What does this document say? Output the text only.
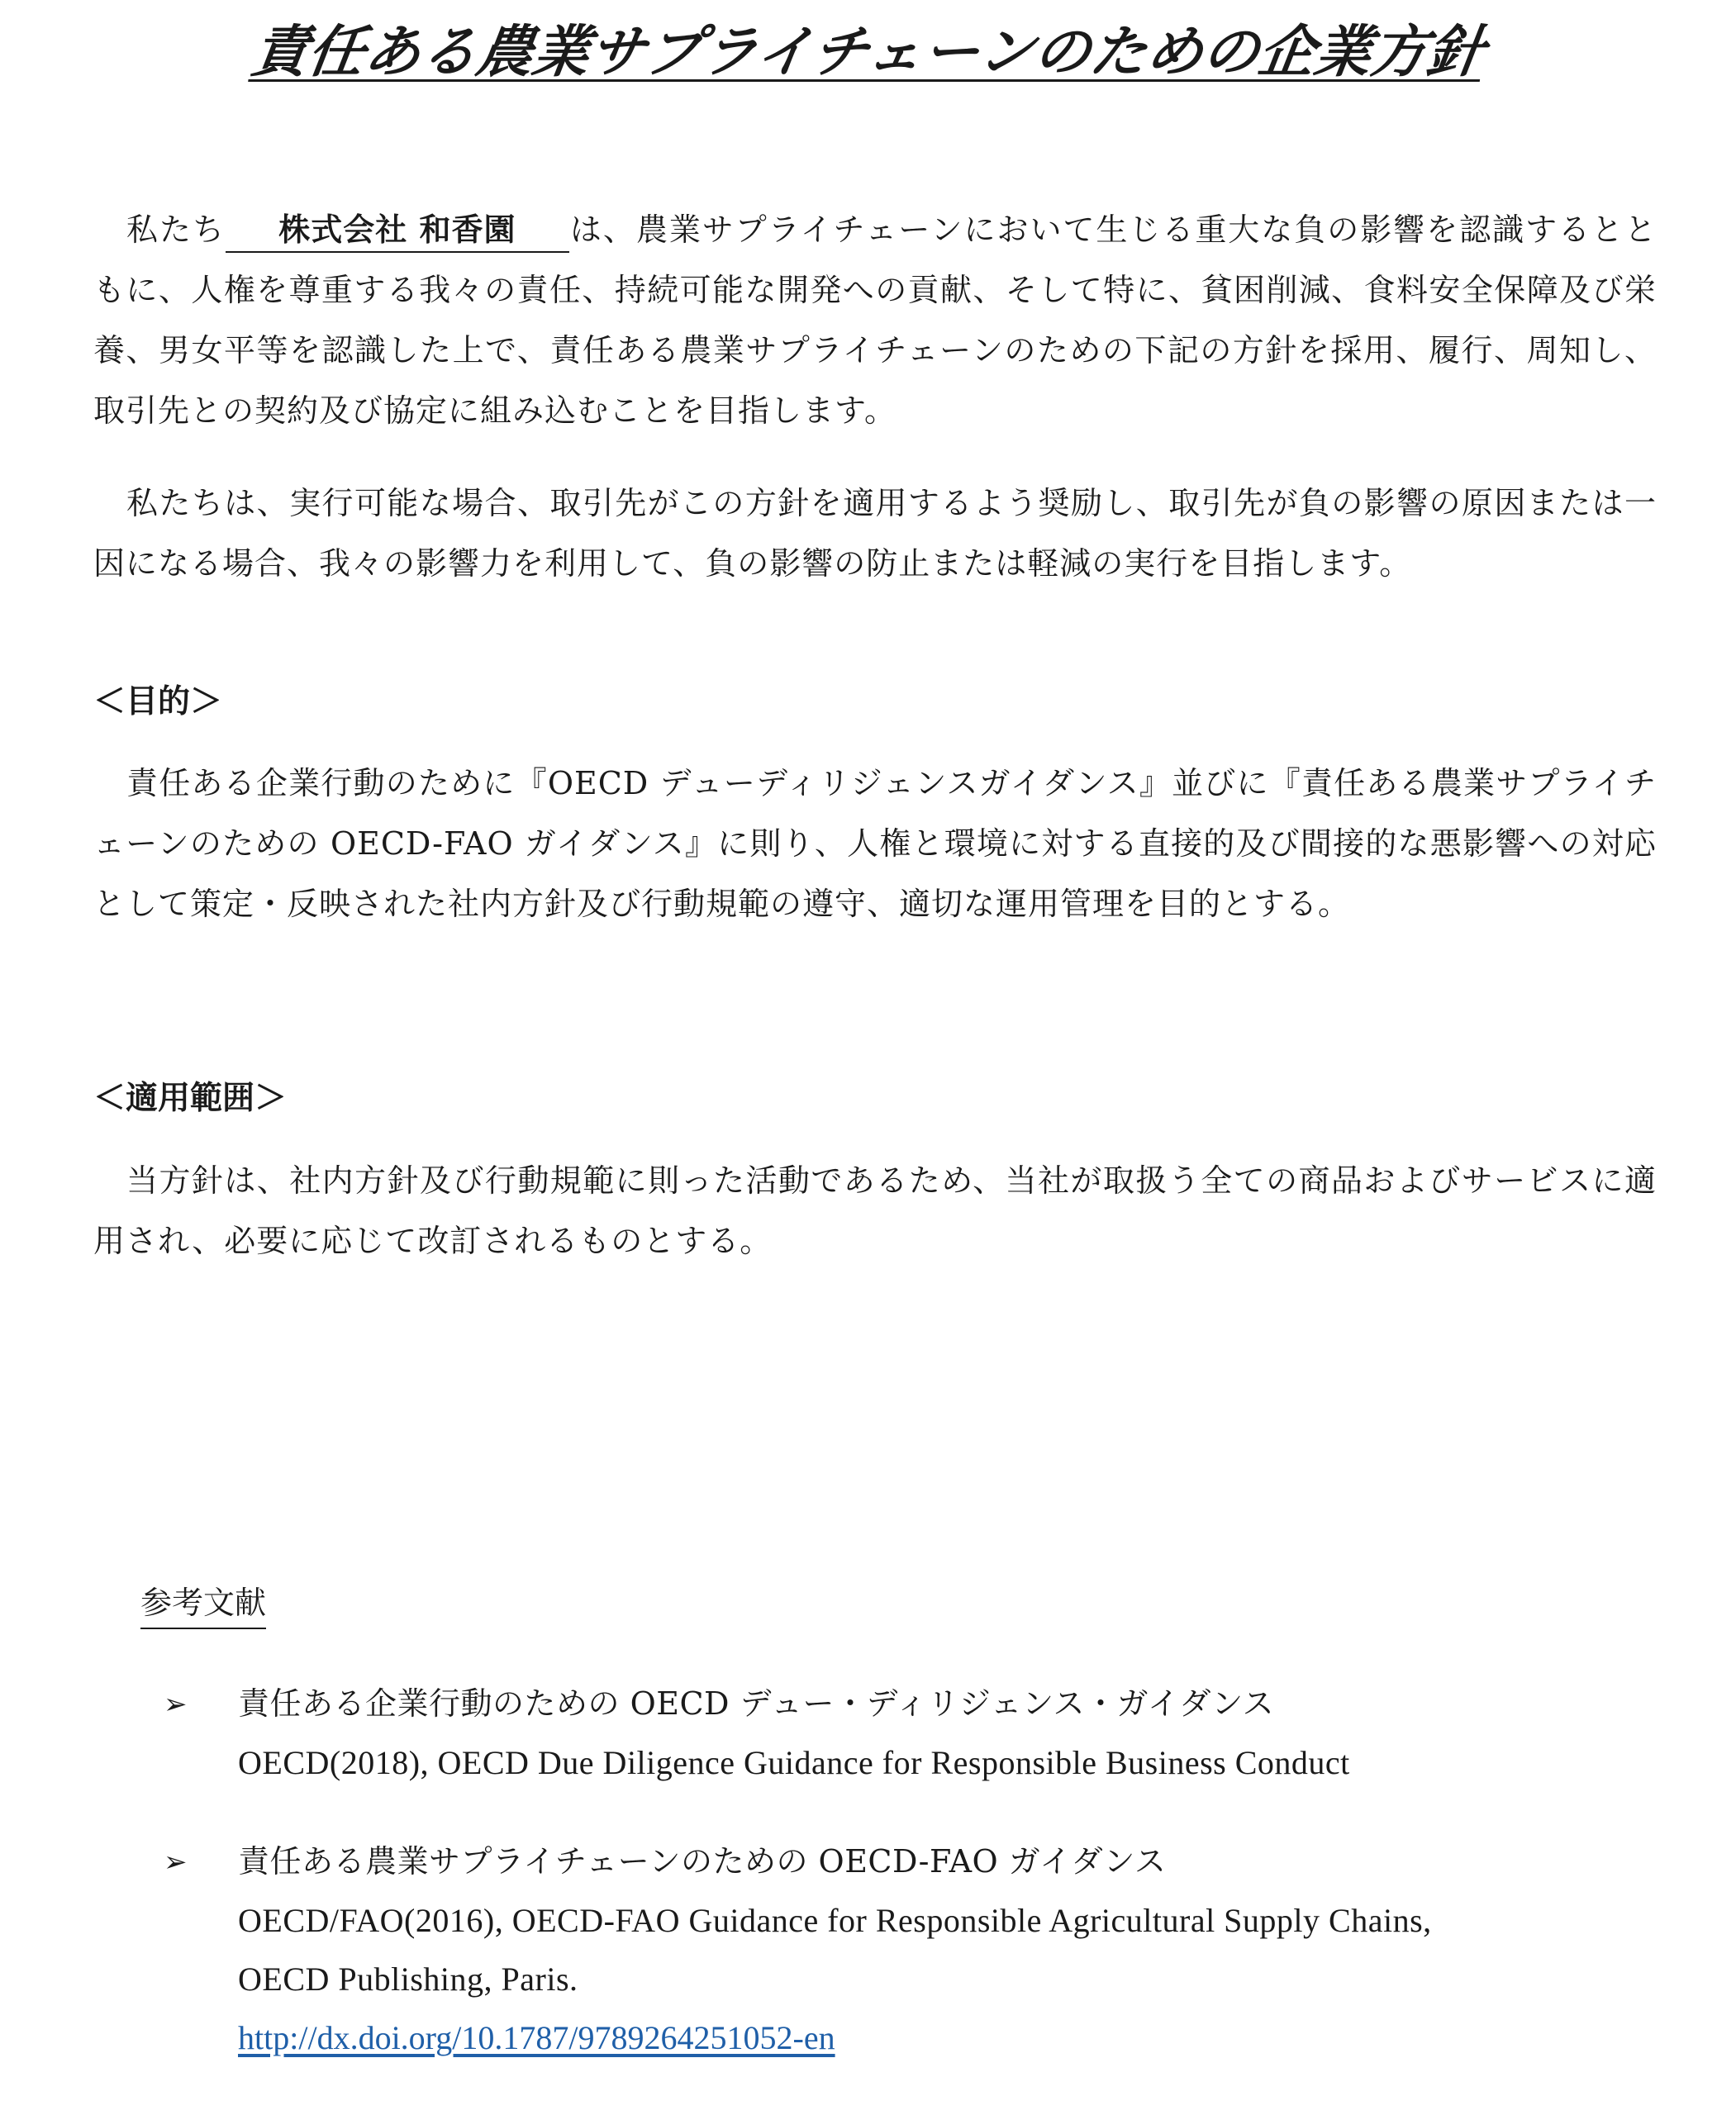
責任ある農業サプライチェーンのための企業方針

私たち 株式会社 和香園 は、農業サプライチェーンにおいて生じる重大な負の影響を認識するとともに、人権を尊重する我々の責任、持続可能な開発への貢献、そして特に、貧困削減、食料安全保障及び栄養、男女平等を認識した上で、責任ある農業サプライチェーンのための下記の方針を採用、履行、周知し、取引先との契約及び協定に組み込むことを目指します。

私たちは、実行可能な場合、取引先がこの方針を適用するよう奨励し、取引先が負の影響の原因または一因になる場合、我々の影響力を利用して、負の影響の防止または軽減の実行を目指します。

＜目的＞

責任ある企業行動のために『OECD デューディリジェンスガイダンス』並びに『責任ある農業サプライチェーンのための OECD-FAO ガイダンス』に則り、人権と環境に対する直接的及び間接的な悪影響への対応として策定・反映された社内方針及び行動規範の遵守、適切な運用管理を目的とする。

＜適用範囲＞

当方針は、社内方針及び行動規範に則った活動であるため、当社が取扱う全ての商品およびサービスに適用され、必要に応じて改訂されるものとする。

参考文献
➢ 責任ある企業行動のための OECD デュー・ディリジェンス・ガイダンス
OECD(2018), OECD Due Diligence Guidance for Responsible Business Conduct
➢ 責任ある農業サプライチェーンのための OECD-FAO ガイダンス
OECD/FAO(2016), OECD-FAO Guidance for Responsible Agricultural Supply Chains,
OECD Publishing, Paris.
http://dx.doi.org/10.1787/9789264251052-en
